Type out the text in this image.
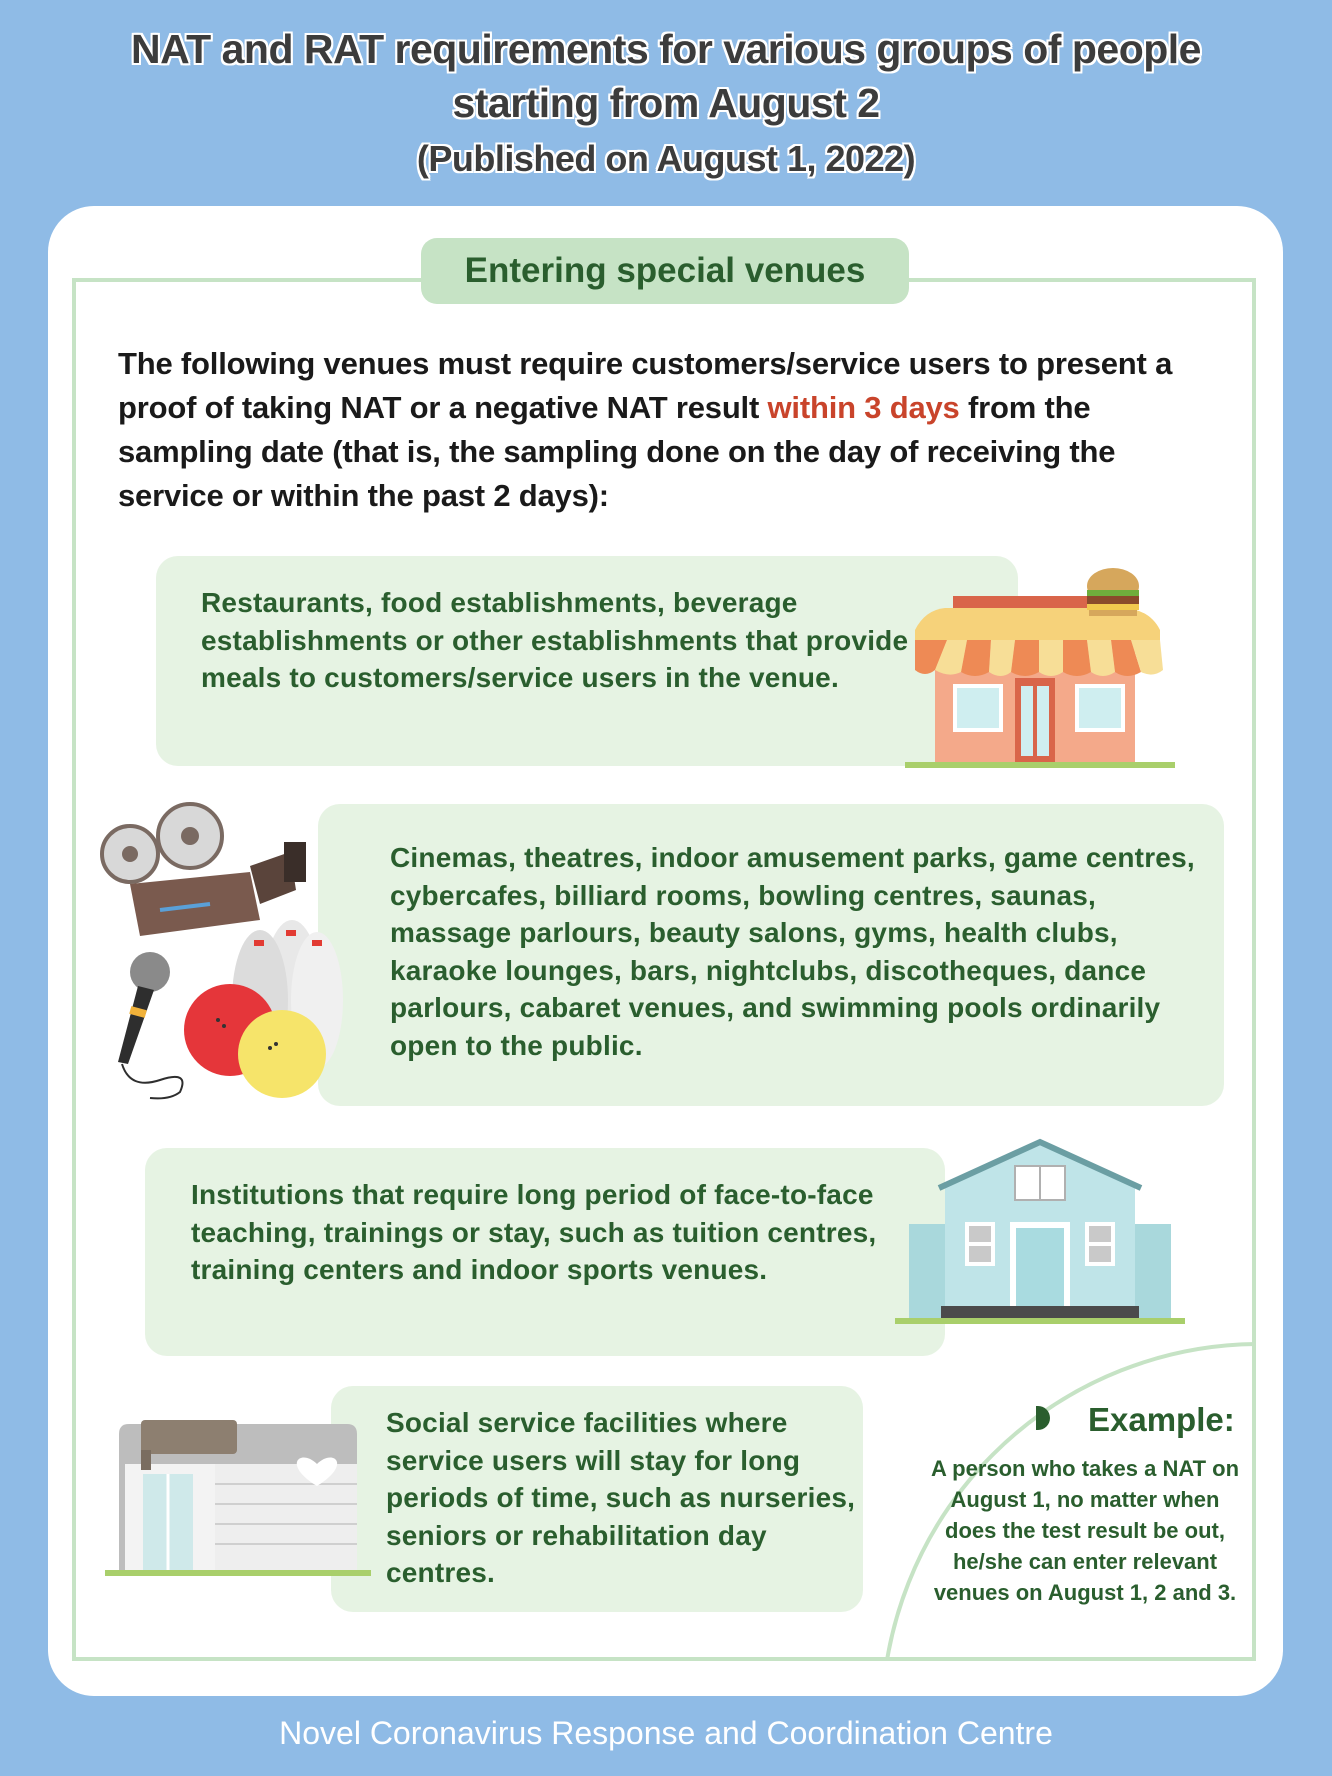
NAT and RAT requirements for various groups of people
starting from August 2
(Published on August 1, 2022)
Entering special venues
The following venues must require customers/service users to present a proof of taking NAT or a negative NAT result within 3 days from the sampling date (that is, the sampling done on the day of receiving the service or within the past 2 days):
Restaurants, food establishments, beverage establishments or other establishments that provide meals to customers/service users in the venue.
Cinemas, theatres, indoor amusement parks, game centres, cybercafes, billiard rooms, bowling centres, saunas, massage parlours, beauty salons, gyms, health clubs, karaoke lounges, bars, nightclubs, discotheques, dance parlours, cabaret venues, and swimming pools ordinarily open to the public.
Institutions that require long period of face-to-face teaching, trainings or stay, such as tuition centres, training centers and indoor sports venues.
Social service facilities where service users will stay for long periods of time, such as nurseries, seniors or rehabilitation day centres.
Example:
A person who takes a NAT on August 1, no matter when does the test result be out, he/she can enter relevant venues on August 1, 2 and 3.
Novel Coronavirus Response and Coordination Centre
